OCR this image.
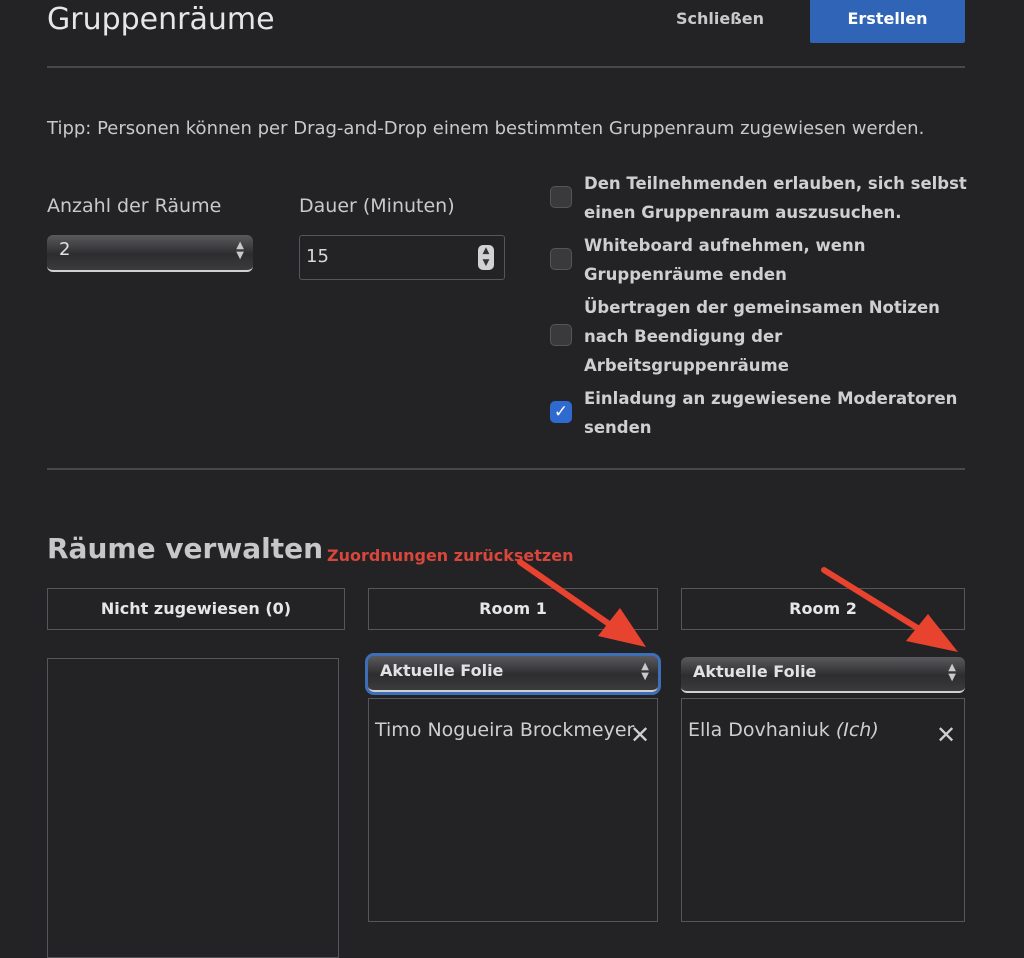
Gruppenräume	Schließen	Erstellen
Tipp: Personen können per Drag-and-Drop einem bestimmten Gruppenraum zugewiesen werden.
Anzahl der Räume
2	▲
▼
Dauer (Minuten)
15	▲
▼
Den Teilnehmenden erlauben, sich selbst
einen Gruppenraum auszusuchen.
Whiteboard aufnehmen, wenn
Gruppenräume enden
Übertragen der gemeinsamen Notizen
nach Beendigung der
Arbeitsgruppenräume
✓
Einladung an zugewiesene Moderatoren
senden
Räume verwalten Zuordnungen zurücksetzen
Nicht zugewiesen (0)	Room 1
Aktuelle Folie	▲
▼
Timo Nogueira Brockmeyer
✕
Room 2
Aktuelle Folie	▲
▼
Ella Dovhaniuk (Ich) ✕
